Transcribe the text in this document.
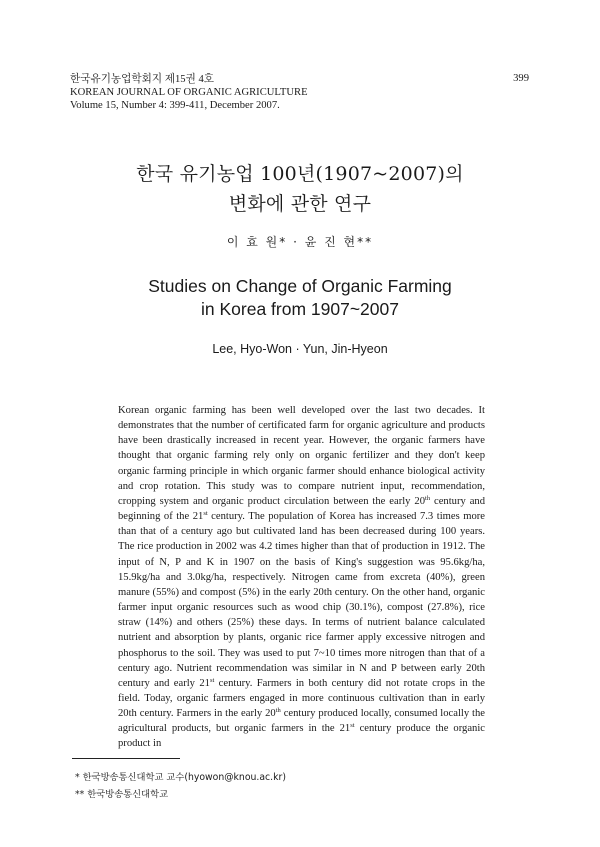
한국유기농업학회지 제15권 4호
KOREAN JOURNAL OF ORGANIC AGRICULTURE
Volume 15, Number 4: 399-411, December 2007.
399
한국 유기농업 100년(1907~2007)의
변화에 관한 연구
이 효 원* · 윤 진 현**
Studies on Change of Organic Farming
in Korea from 1907~2007
Lee, Hyo-Won · Yun, Jin-Hyeon
Korean organic farming has been well developed over the last two decades. It demonstrates that the number of certificated farm for organic agriculture and products have been drastically increased in recent year. However, the organic farmers have thought that organic farming rely only on organic fertilizer and they don't keep organic farming principle in which organic farmer should enhance biological activity and crop rotation. This study was to compare nutrient input, recommendation, cropping system and organic product circulation between the early 20th century and beginning of the 21st century. The population of Korea has increased 7.3 times more than that of a century ago but cultivated land has been decreased during 100 years. The rice production in 2002 was 4.2 times higher than that of production in 1912. The input of N, P and K in 1907 on the basis of King's suggestion was 95.6kg/ha, 15.9kg/ha and 3.0kg/ha, respectively. Nitrogen came from excreta (40%), green manure (55%) and compost (5%) in the early 20th century. On the other hand, organic farmer input organic resources such as wood chip (30.1%), compost (27.8%), rice straw (14%) and others (25%) these days. In terms of nutrient balance calculated nutrient and absorption by plants, organic rice farmer apply excessive nitrogen and phosphorus to the soil. They was used to put 7~10 times more nitrogen than that of a century ago. Nutrient recommendation was similar in N and P between early 20th century and early 21st century. Farmers in both century did not rotate crops in the field. Today, organic farmers engaged in more continuous cultivation than in early 20th century. Farmers in the early 20th century produced locally, consumed locally the agricultural products, but organic farmers in the 21st century produce the organic product in
* 한국방송통신대학교 교수(hyowon@knou.ac.kr)
** 한국방송통신대학교
